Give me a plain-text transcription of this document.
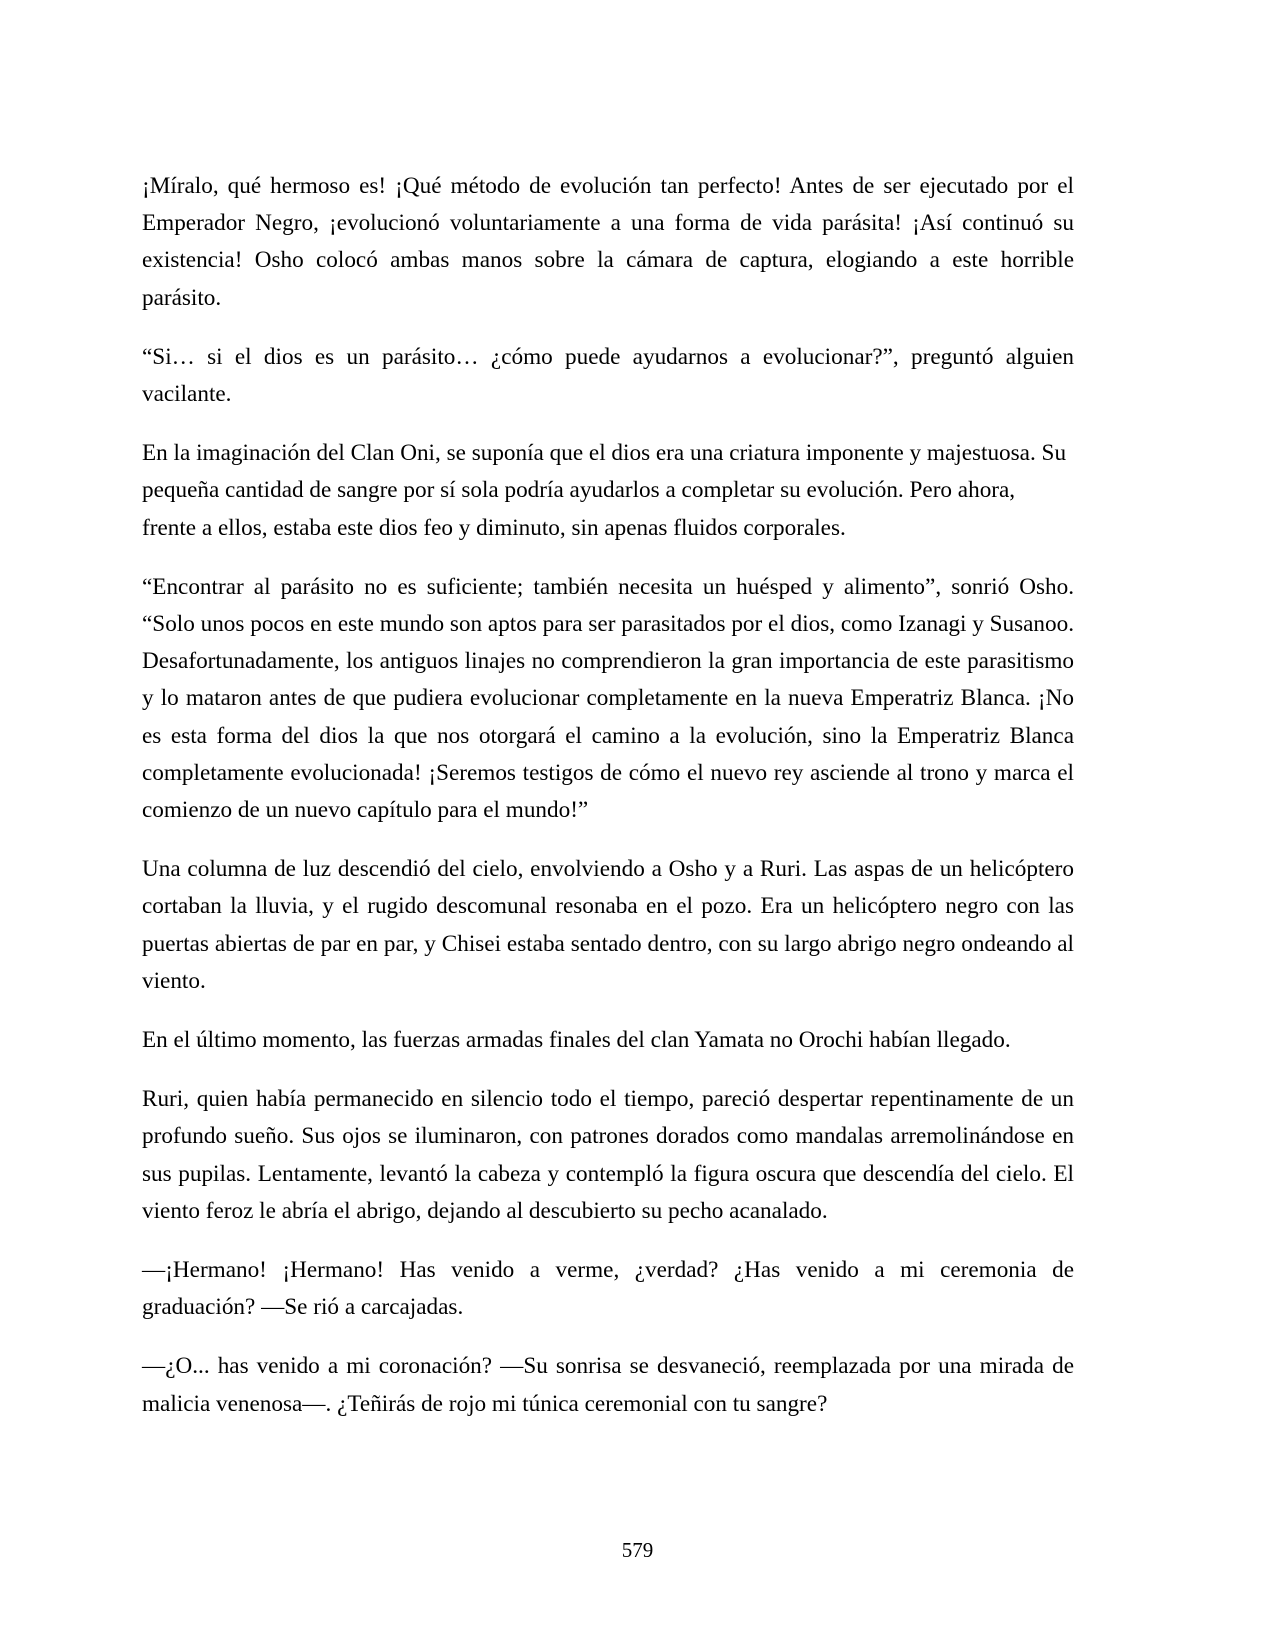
¡Míralo, qué hermoso es! ¡Qué método de evolución tan perfecto! Antes de ser ejecutado por el Emperador Negro, ¡evolucionó voluntariamente a una forma de vida parásita! ¡Así continuó su existencia! Osho colocó ambas manos sobre la cámara de captura, elogiando a este horrible parásito.

“Si… si el dios es un parásito… ¿cómo puede ayudarnos a evolucionar?”, preguntó alguien vacilante.

En la imaginación del Clan Oni, se suponía que el dios era una criatura imponente y majestuosa. Su pequeña cantidad de sangre por sí sola podría ayudarlos a completar su evolución. Pero ahora, frente a ellos, estaba este dios feo y diminuto, sin apenas fluidos corporales.

“Encontrar al parásito no es suficiente; también necesita un huésped y alimento”, sonrió Osho. “Solo unos pocos en este mundo son aptos para ser parasitados por el dios, como Izanagi y Susanoo. Desafortunadamente, los antiguos linajes no comprendieron la gran importancia de este parasitismo y lo mataron antes de que pudiera evolucionar completamente en la nueva Emperatriz Blanca. ¡No es esta forma del dios la que nos otorgará el camino a la evolución, sino la Emperatriz Blanca completamente evolucionada! ¡Seremos testigos de cómo el nuevo rey asciende al trono y marca el comienzo de un nuevo capítulo para el mundo!”

Una columna de luz descendió del cielo, envolviendo a Osho y a Ruri. Las aspas de un helicóptero cortaban la lluvia, y el rugido descomunal resonaba en el pozo. Era un helicóptero negro con las puertas abiertas de par en par, y Chisei estaba sentado dentro, con su largo abrigo negro ondeando al viento.

En el último momento, las fuerzas armadas finales del clan Yamata no Orochi habían llegado.

Ruri, quien había permanecido en silencio todo el tiempo, pareció despertar repentinamente de un profundo sueño. Sus ojos se iluminaron, con patrones dorados como mandalas arremolinándose en sus pupilas. Lentamente, levantó la cabeza y contempló la figura oscura que descendía del cielo. El viento feroz le abría el abrigo, dejando al descubierto su pecho acanalado.

—¡Hermano! ¡Hermano! Has venido a verme, ¿verdad? ¿Has venido a mi ceremonia de graduación? —Se rió a carcajadas.

—¿O... has venido a mi coronación? —Su sonrisa se desvaneció, reemplazada por una mirada de malicia venenosa—. ¿Teñirás de rojo mi túnica ceremonial con tu sangre?

579
